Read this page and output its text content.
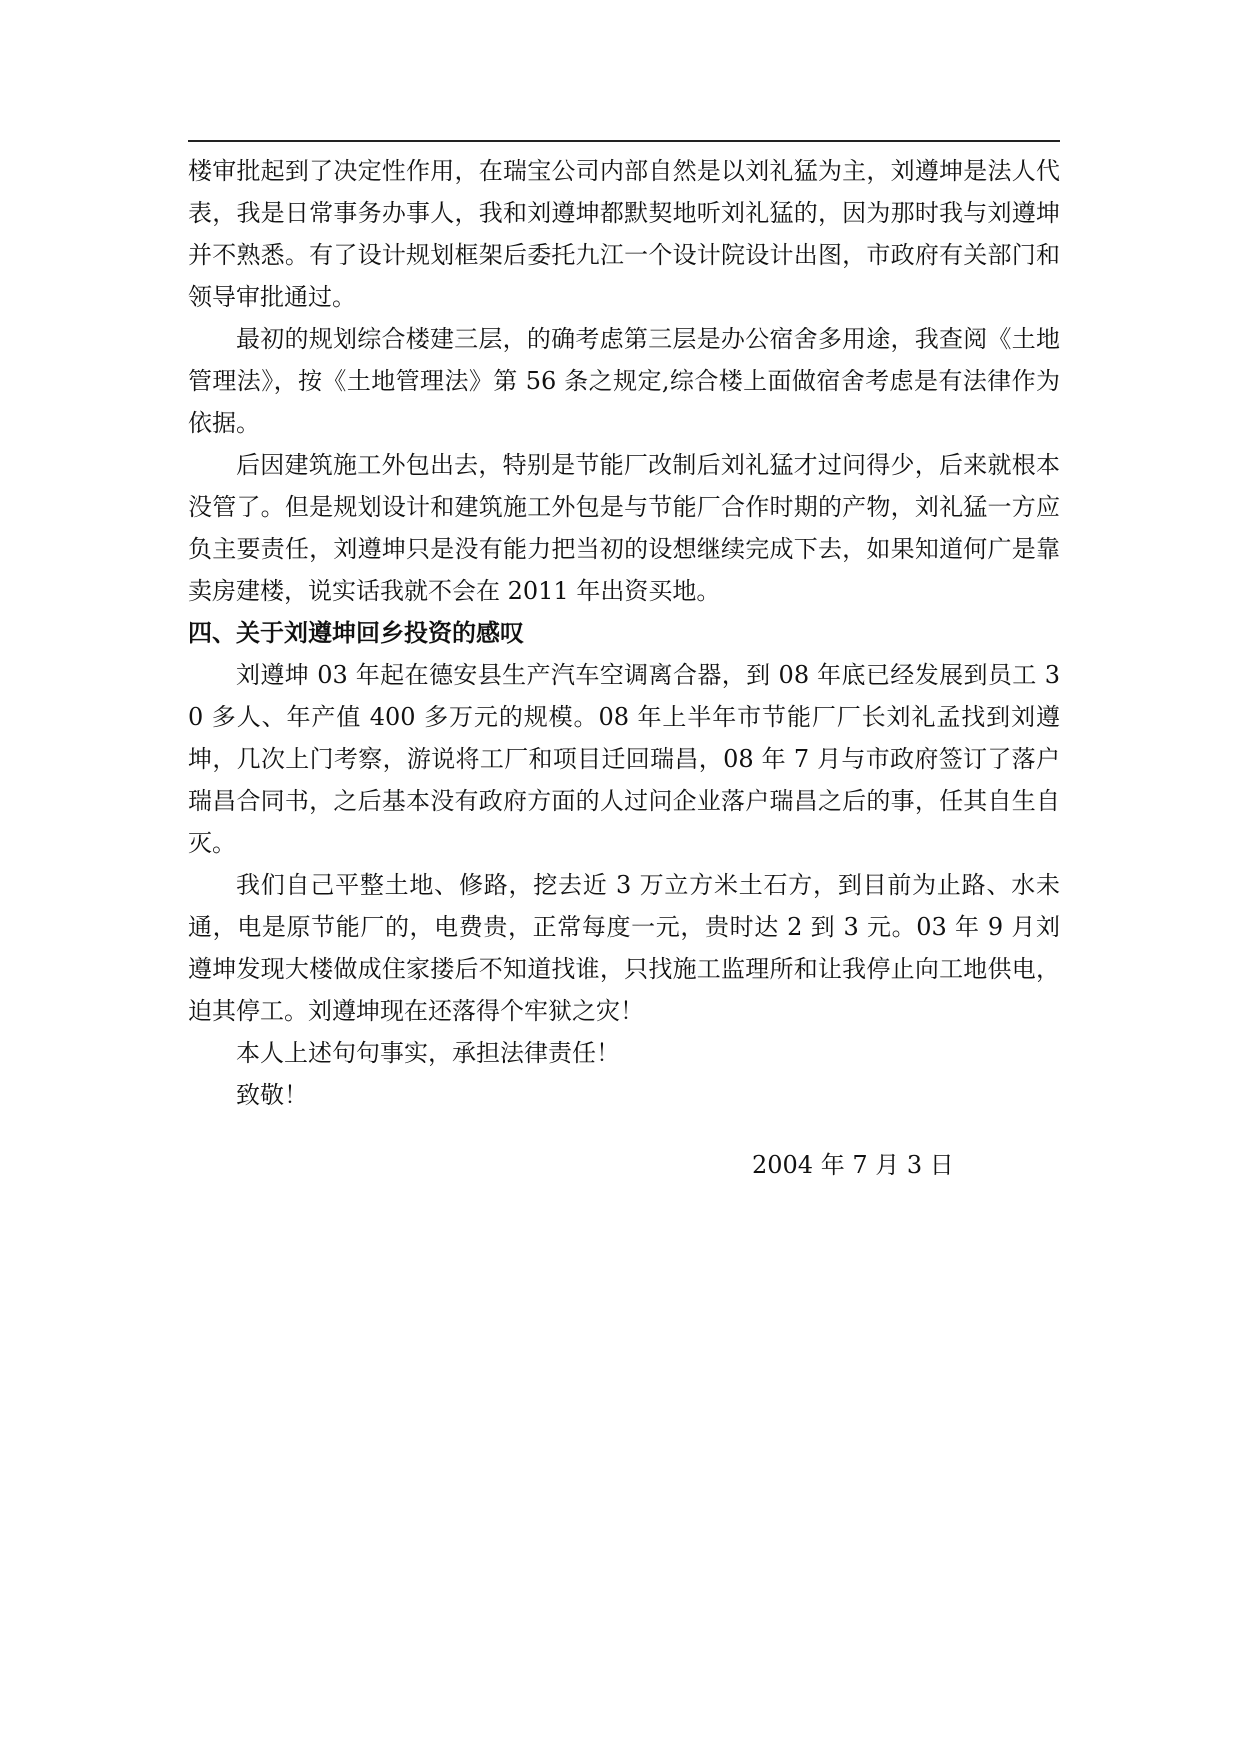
楼审批起到了决定性作用，在瑞宝公司内部自然是以刘礼猛为主，刘遵坤是法人代表，我是日常事务办事人，我和刘遵坤都默契地听刘礼猛的，因为那时我与刘遵坤并不熟悉。有了设计规划框架后委托九江一个设计院设计出图，市政府有关部门和领导审批通过。

最初的规划综合楼建三层，的确考虑第三层是办公宿舍多用途，我查阅《土地管理法》，按《土地管理法》第 56 条之规定,综合楼上面做宿舍考虑是有法律作为依据。

后因建筑施工外包出去，特别是节能厂改制后刘礼猛才过问得少，后来就根本没管了。但是规划设计和建筑施工外包是与节能厂合作时期的产物，刘礼猛一方应负主要责任，刘遵坤只是没有能力把当初的设想继续完成下去，如果知道何广是靠卖房建楼，说实话我就不会在 2011 年出资买地。

四、关于刘遵坤回乡投资的感叹

刘遵坤 03 年起在德安县生产汽车空调离合器，到 08 年底已经发展到员工 30 多人、年产值 400 多万元的规模。08 年上半年市节能厂厂长刘礼孟找到刘遵坤，几次上门考察，游说将工厂和项目迁回瑞昌，08 年 7 月与市政府签订了落户瑞昌合同书，之后基本没有政府方面的人过问企业落户瑞昌之后的事，任其自生自灭。

我们自己平整土地、修路，挖去近 3 万立方米土石方，到目前为止路、水未通，电是原节能厂的，电费贵，正常每度一元，贵时达 2 到 3 元。03 年 9 月刘遵坤发现大楼做成住家搂后不知道找谁，只找施工监理所和让我停止向工地供电，迫其停工。刘遵坤现在还落得个牢狱之灾！

本人上述句句事实，承担法律责任！

致敬！

2004 年 7 月 3 日
